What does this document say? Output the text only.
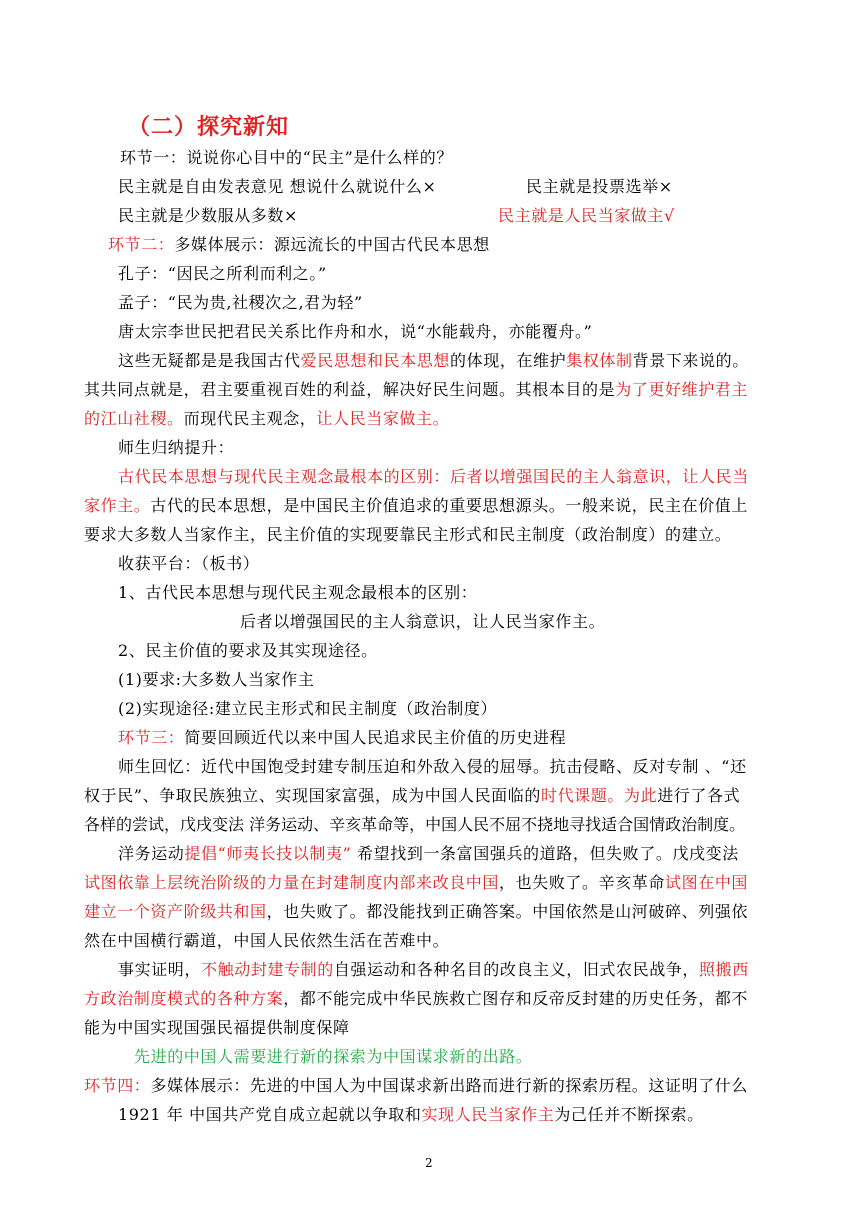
（二）探究新知
环节一：说说你心目中的“民主”是什么样的？
民主就是自由发表意见 想说什么就说什么×	民主就是投票选举×
民主就是少数服从多数×	民主就是人民当家做主√
环节二：多媒体展示：源远流长的中国古代民本思想
孔子：“因民之所利而利之。”
孟子：“民为贵,社稷次之,君为轻”
唐太宗李世民把君民关系比作舟和水，说“水能载舟，亦能覆舟。”
这些无疑都是是我国古代爱民思想和民本思想的体现，在维护集权体制背景下来说的。
其共同点就是，君主要重视百姓的利益，解决好民生问题。其根本目的是为了更好维护君主
的江山社稷。而现代民主观念，让人民当家做主。
师生归纳提升：
古代民本思想与现代民主观念最根本的区别：后者以增强国民的主人翁意识，让人民当
家作主。古代的民本思想，是中国民主价值追求的重要思想源头。一般来说，民主在价值上
要求大多数人当家作主，民主价值的实现要靠民主形式和民主制度（政治制度）的建立。
收获平台：（板书）
1、古代民本思想与现代民主观念最根本的区别：
后者以增强国民的主人翁意识，让人民当家作主。
2、民主价值的要求及其实现途径。
(1)要求:大多数人当家作主
(2)实现途径:建立民主形式和民主制度（政治制度）
环节三：简要回顾近代以来中国人民追求民主价值的历史进程
师生回忆：近代中国饱受封建专制压迫和外敌入侵的屈辱。抗击侵略、反对专制 、“还
权于民”、争取民族独立、实现国家富强，成为中国人民面临的时代课题。为此进行了各式
各样的尝试，戊戌变法 洋务运动、辛亥革命等，中国人民不屈不挠地寻找适合国情政治制度。
洋务运动提倡“师夷长技以制夷” 希望找到一条富国强兵的道路，但失败了。戊戌变法
试图依靠上层统治阶级的力量在封建制度内部来改良中国，也失败了。辛亥革命试图在中国
建立一个资产阶级共和国，也失败了。都没能找到正确答案。中国依然是山河破碎、列强依
然在中国横行霸道，中国人民依然生活在苦难中。
事实证明，不触动封建专制的自强运动和各种名目的改良主义，旧式农民战争，照搬西
方政治制度模式的各种方案，都不能完成中华民族救亡图存和反帝反封建的历史任务，都不
能为中国实现国强民福提供制度保障
先进的中国人需要进行新的探索为中国谋求新的出路。
环节四：多媒体展示：先进的中国人为中国谋求新出路而进行新的探索历程。这证明了什么
1921 年 中国共产党自成立起就以争取和实现人民当家作主为己任并不断探索。
2
